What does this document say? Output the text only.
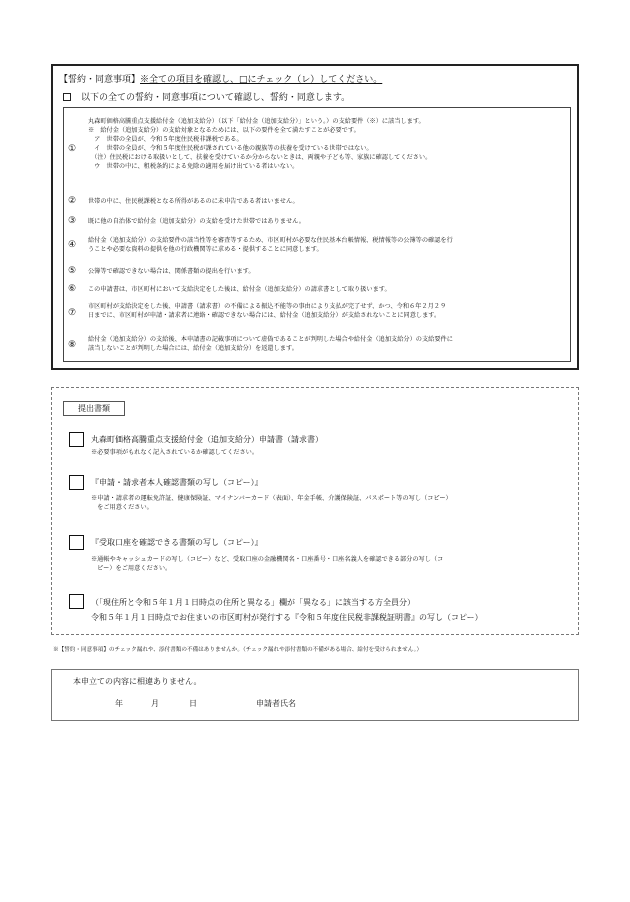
【誓約・同意事項】※全ての項目を確認し、□にチェック（レ）してください。
以下の全ての誓約・同意事項について確認し、誓約・同意します。
①
丸森町価格高騰重点支援給付金（追加支給分）（以下「給付金（追加支給分）」という。）の支給要件（※）に該当します。
※　給付金（追加支給分）の支給対象となるためには、以下の要件を全て満たすことが必要です。
　ア　世帯の全員が、令和５年度住民税非課税である。
　イ　世帯の全員が、令和５年度住民税が課されている他の親族等の扶養を受けている世帯ではない。
　（注）住民税における取扱いとして、扶養を受けているか分からないときは、両親や子ども等、家族に確認してください。
　ウ　世帯の中に、租税条約による免除の適用を届け出ている者はいない。
② 世帯の中に、住民税課税となる所得があるのに未申告である者はいません。
③ 既に他の自治体で給付金（追加支給分）の支給を受けた世帯ではありません。
④ 給付金（追加支給分）の支給要件の該当性等を審査等するため、市区町村が必要な住民基本台帳情報、税情報等の公簿等の確認を行
うことや必要な資料の提供を他の行政機関等に求める・提供することに同意します。
⑤ 公簿等で確認できない場合は、関係書類の提出を行います。
⑥ この申請書は、市区町村において支給決定をした後は、給付金（追加支給分）の請求書として取り扱います。
⑦
市区町村が支給決定をした後、申請書（請求書）の不備による振込不能等の事由により支払が完了せず、かつ、令和６年２月２９
日までに、市区町村が申請・請求者に連絡・確認できない場合には、給付金（追加支給分）が支給されないことに同意します。
⑧
給付金（追加支給分）の支給後、本申請書の記載事項について虚偽であることが判明した場合や給付金（追加支給分）の支給要件に
該当しないことが判明した場合には、給付金（追加支給分）を返還します。
提出書類
丸森町価格高騰重点支援給付金（追加支給分）申請書（請求書）
※必要事項がもれなく記入されているか確認してください。
『申請・請求者本人確認書類の写し（コピー）』
※申請・請求者の運転免許証、健康保険証、マイナンバーカード（表面）、年金手帳、介護保険証、パスポート等の写し（コピー）
　をご用意ください。
『受取口座を確認できる書類の写し（コピー）』
※通帳やキャッシュカードの写し（コピー）など、受取口座の金融機関名・口座番号・口座名義人を確認できる部分の写し（コ
　ピー）をご用意ください。
（「現住所と令和５年１月１日時点の住所と異なる」欄が「異なる」に該当する方全員分）
令和５年１月１日時点でお住まいの市区町村が発行する『令和５年度住民税非課税証明書』の写し（コピー）
※【誓約・同意事項】のチェック漏れや、添付書類の不備はありませんか。（チェック漏れや添付書類の不備がある場合、給付を受けられません。）
本申立ての内容に相違ありません。
年	月	日	申請者氏名
